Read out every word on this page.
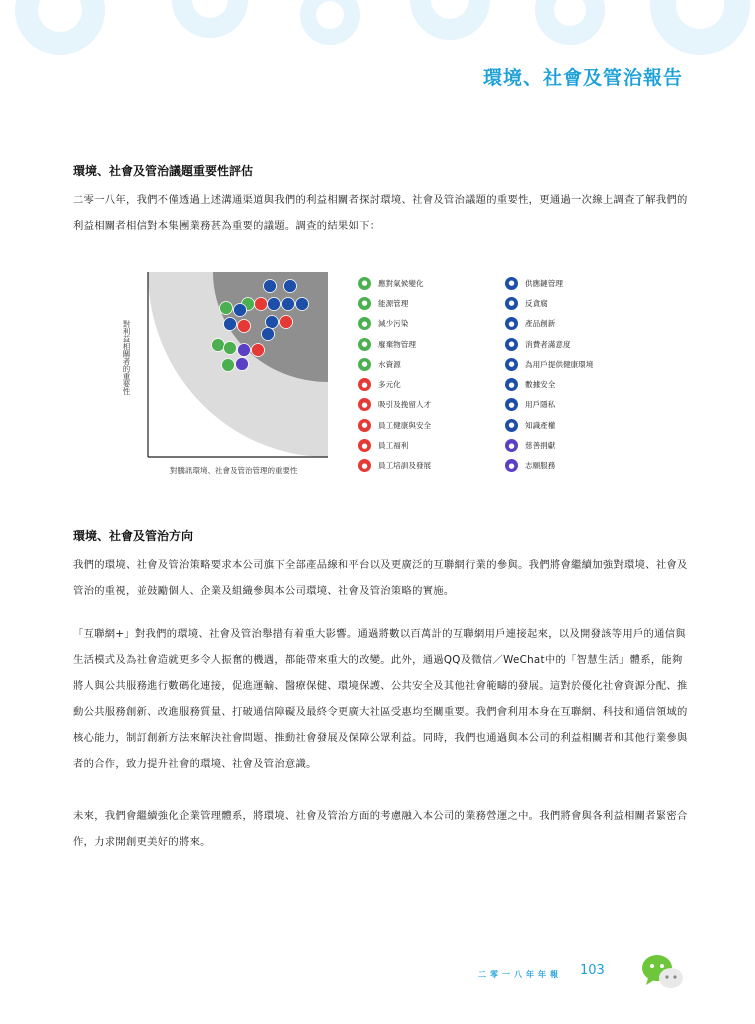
環境、社會及管治報告
環境、社會及管治議題重要性評估

二零一八年，我們不僅透過上述溝通渠道與我們的利益相關者探討環境、社會及管治議題的重要性，更通過一次線上調查了解我們的利益相關者相信對本集團業務甚為重要的議題。調查的結果如下：

對利益相關者的重要性
對騰訊環境、社會及管治管理的重要性
●	應對氣候變化
●	能源管理
●	減少污染
●	廢棄物管理
●	水資源
●	多元化
●	吸引及挽留人才
●	員工健康與安全
●	員工福利
●	員工培訓及發展
●	供應鏈管理
●	反貪腐
●	產品創新
●	消費者滿意度
●	為用戶提供健康環境
●	數據安全
●	用戶隱私
●	知識產權
●	慈善捐獻
●	志願服務
環境、社會及管治方向

我們的環境、社會及管治策略要求本公司旗下全部產品線和平台以及更廣泛的互聯網行業的參與。我們將會繼續加強對環境、社會及管治的重視，並鼓勵個人、企業及組織參與本公司環境、社會及管治策略的實施。

「互聯網+」對我們的環境、社會及管治舉措有着重大影響。通過將數以百萬計的互聯網用戶連接起來，以及開發該等用戶的通信與生活模式及為社會造就更多令人振奮的機遇，都能帶來重大的改變。此外，通過QQ及微信／WeChat中的「智慧生活」體系，能夠將人與公共服務進行數碼化連接，促進運輸、醫療保健、環境保護、公共安全及其他社會範疇的發展。這對於優化社會資源分配、推動公共服務創新、改進服務質量、打破通信障礙及最終令更廣大社區受惠均至關重要。我們會利用本身在互聯網、科技和通信領域的核心能力，制訂創新方法來解決社會問題、推動社會發展及保障公眾利益。同時，我們也通過與本公司的利益相關者和其他行業參與者的合作，致力提升社會的環境、社會及管治意識。

未來，我們會繼續強化企業管理體系，將環境、社會及管治方面的考慮融入本公司的業務營運之中。我們將會與各利益相關者緊密合作，力求開創更美好的將來。

二零一八年年報 103
